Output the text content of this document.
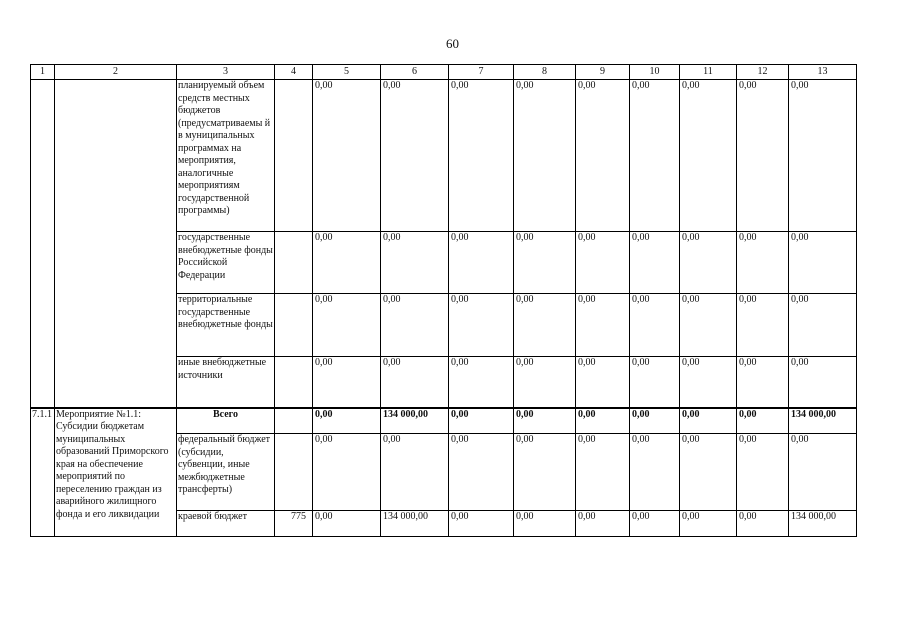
60
1	2	3	4	5	6	7	8	9	10	11	12	13
		планируемый объем средств местных бюджетов (предусматриваемы й в муниципальных программах на мероприятия, аналогичные мероприятиям государственной программы)		0,00	0,00	0,00	0,00	0,00	0,00	0,00	0,00	0,00
		государственные внебюджетные фонды Российской Федерации		0,00	0,00	0,00	0,00	0,00	0,00	0,00	0,00	0,00
		территориальные государственные внебюджетные фонды		0,00	0,00	0,00	0,00	0,00	0,00	0,00	0,00	0,00
		иные внебюджетные источники		0,00	0,00	0,00	0,00	0,00	0,00	0,00	0,00	0,00
7.1.1	Мероприятие №1.1: Субсидии бюджетам муниципальных образований Приморского края на обеспечение мероприятий по переселению граждан из аварийного жилищного фонда и его ликвидации	Всего		0,00	134 000,00	0,00	0,00	0,00	0,00	0,00	0,00	134 000,00
		федеральный бюджет (субсидии, субвенции, иные межбюджетные трансферты)		0,00	0,00	0,00	0,00	0,00	0,00	0,00	0,00	0,00
		краевой бюджет	775	0,00	134 000,00	0,00	0,00	0,00	0,00	0,00	0,00	134 000,00
